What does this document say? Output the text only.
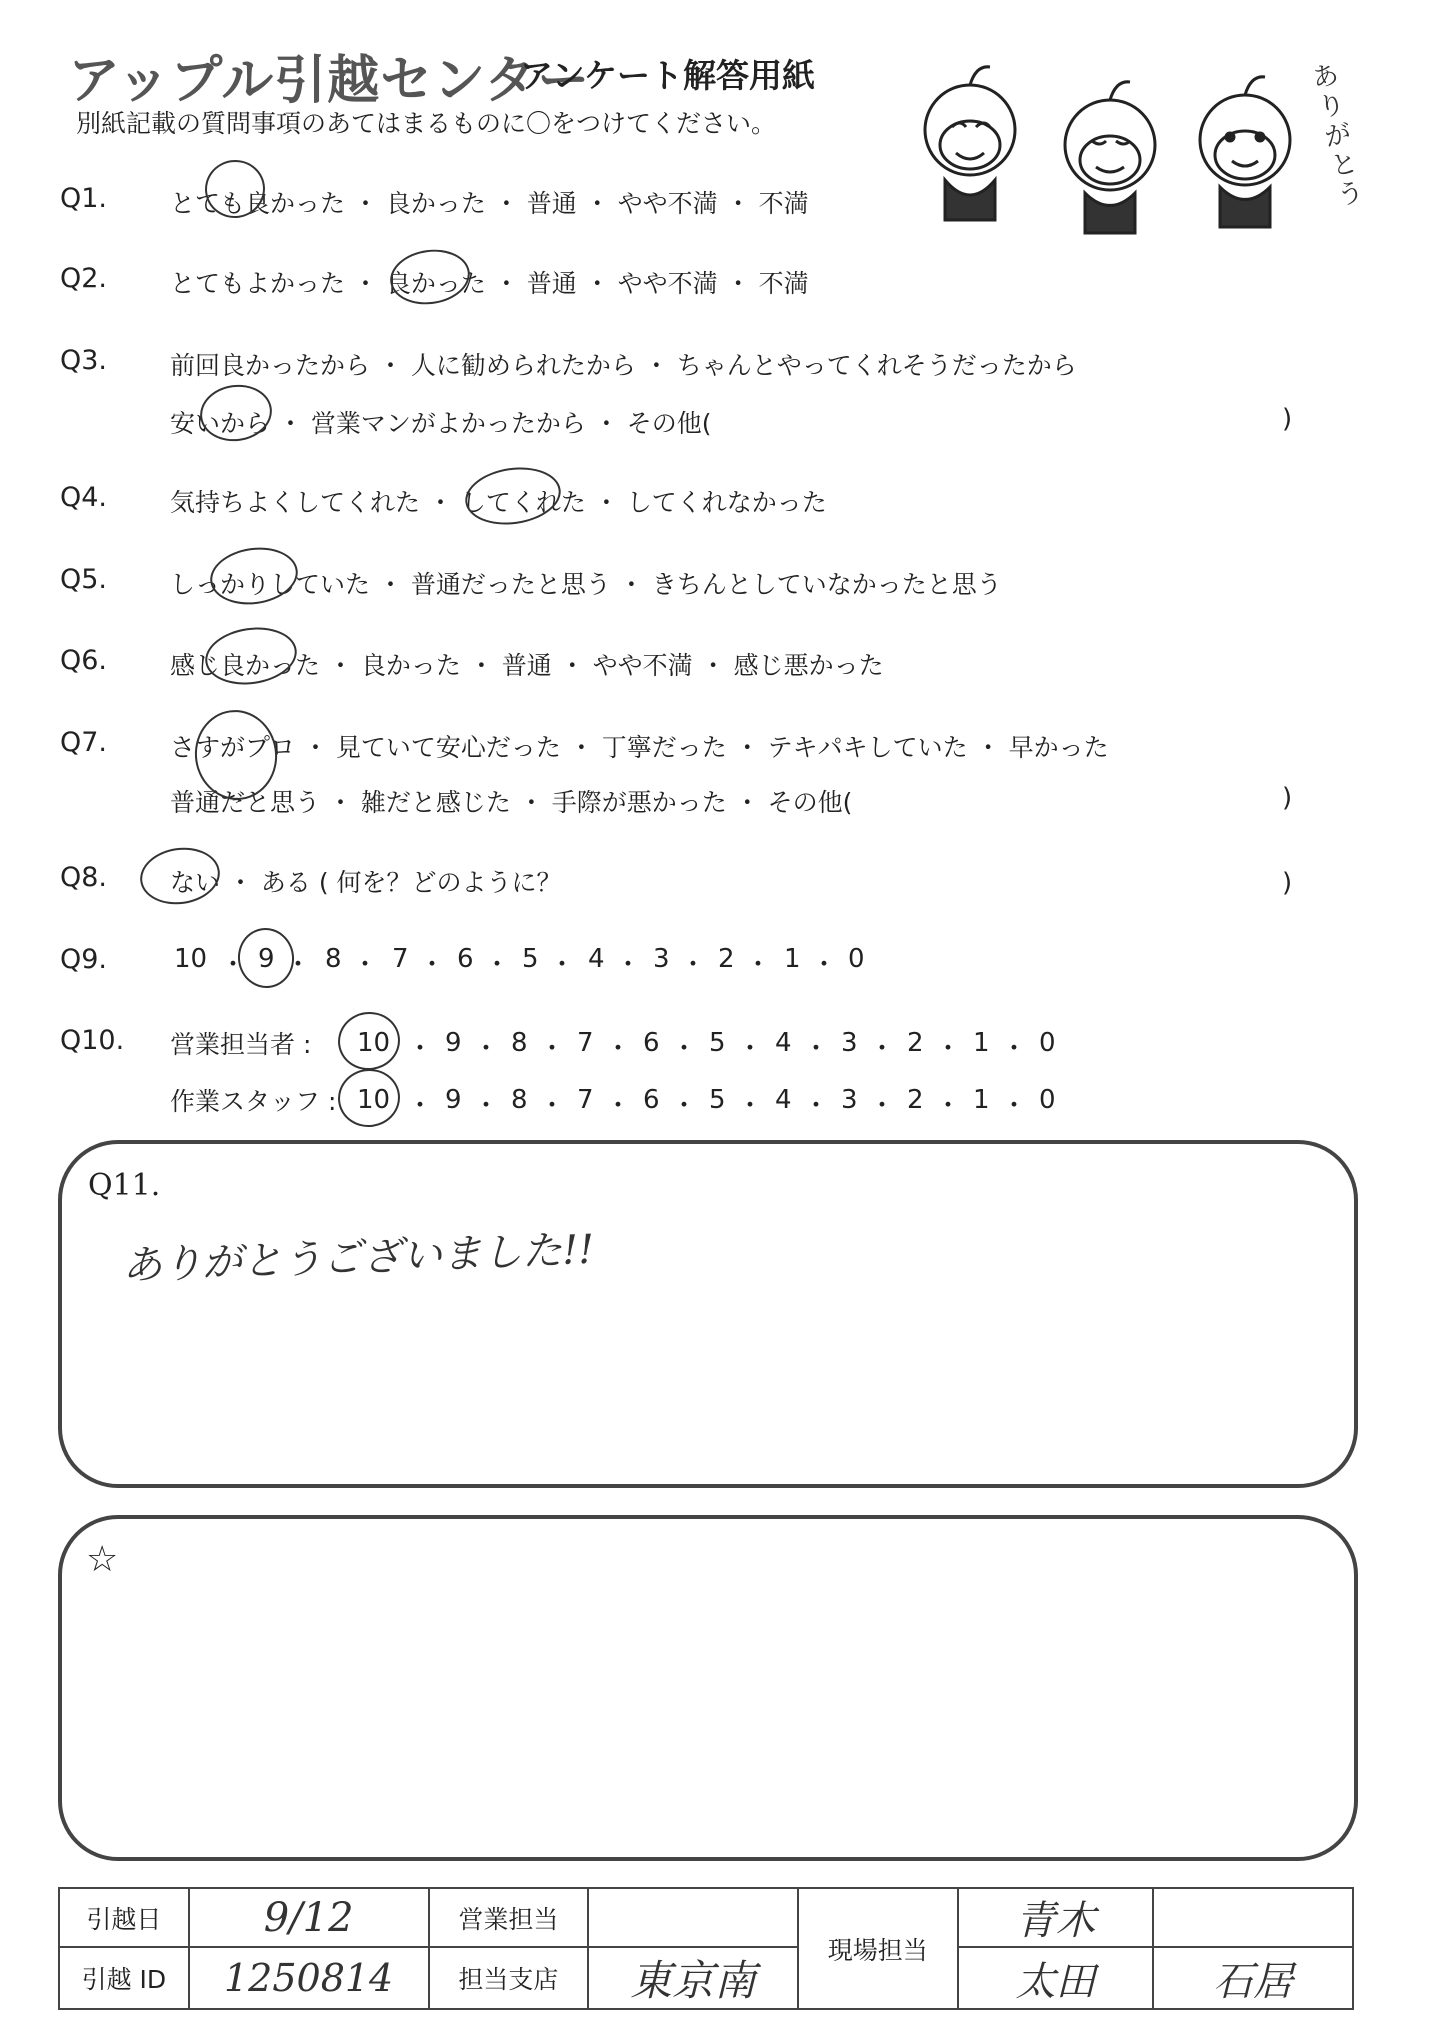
アップル引越センター
アンケート解答用紙
別紙記載の質問事項のあてはまるものに〇をつけてください。
ありがとう
Q1.	とても良かった ・ 良かった ・ 普通 ・ やや不満 ・ 不満
Q2.	とてもよかった ・ 良かった ・ 普通 ・ やや不満 ・ 不満
Q3.	前回良かったから ・ 人に勧められたから ・ ちゃんとやってくれそうだったから
安いから ・ 営業マンがよかったから ・ その他(	)
Q4.	気持ちよくしてくれた ・ してくれた ・ してくれなかった
Q5.	しっかりしていた ・ 普通だったと思う ・ きちんとしていなかったと思う
Q6.	感じ良かった ・ 良かった ・ 普通 ・ やや不満 ・ 感じ悪かった
Q7.	さすがプロ ・ 見ていて安心だった ・ 丁寧だった ・ テキパキしていた ・ 早かった
普通だと思う ・ 雑だと感じた ・ 手際が悪かった ・ その他(	)
Q8.	ない ・ ある ( 何を？どのように？	)
Q9.	10 ・ 9 ・ 8 ・ 7 ・ 6 ・ 5 ・ 4 ・ 3 ・ 2 ・ 1 ・ 0
Q10. 営業担当者 :
作業スタッフ :
10 ・ 9 ・ 8 ・ 7 ・ 6 ・ 5 ・ 4 ・ 3 ・ 2 ・ 1 ・ 0
10 ・ 9 ・ 8 ・ 7 ・ 6 ・ 5 ・ 4 ・ 3 ・ 2 ・ 1 ・ 0
Q11.
ありがとうございました!!
☆
引越日	9/12	営業担当		現場担当	青木	
引越 ID	1250814	担当支店	東京南		太田	石居
